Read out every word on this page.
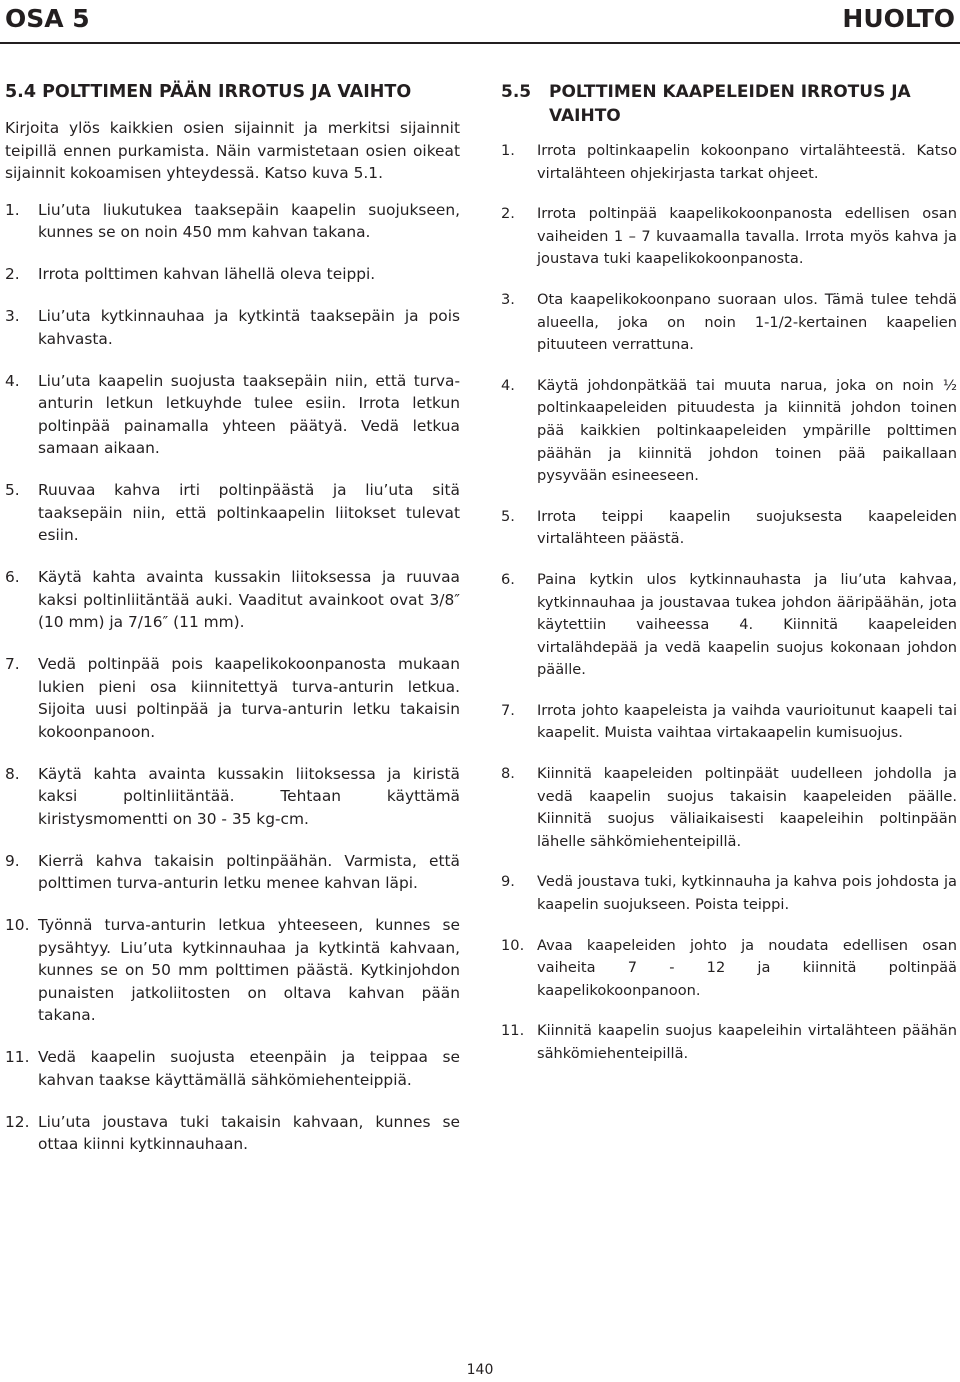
OSA 5	HUOLTO
5.4 POLTTIMEN PÄÄN IRROTUS JA VAIHTO
Kirjoita ylös kaikkien osien sijainnit ja merkitsi sijainnit teipillä ennen purkamista. Näin varmistetaan osien oikeat sijainnit kokoamisen yhteydessä. Katso kuva 5.1.
1. Liu’uta liukutukea taaksepäin kaapelin suojukseen, kunnes se on noin 450 mm kahvan takana.
2. Irrota polttimen kahvan lähellä oleva teippi.
3. Liu’uta kytkinnauhaa ja kytkintä taaksepäin ja pois kahvasta.
4. Liu’uta kaapelin suojusta taaksepäin niin, että turva-anturin letkun letkuyhde tulee esiin. Irrota letkun poltinpää painamalla yhteen päätyä. Vedä letkua samaan aikaan.
5. Ruuvaa kahva irti poltinpäästä ja liu’uta sitä taaksepäin niin, että poltinkaapelin liitokset tulevat esiin.
6. Käytä kahta avainta kussakin liitoksessa ja ruuvaa kaksi poltinliitäntää auki. Vaaditut avainkoot ovat 3/8″ (10 mm) ja 7/16″ (11 mm).
7. Vedä poltinpää pois kaapelikokoonpanosta mukaan lukien pieni osa kiinnitettyä turva-anturin letkua. Sijoita uusi poltinpää ja turva-anturin letku takaisin kokoonpanoon.
8. Käytä kahta avainta kussakin liitoksessa ja kiristä kaksi poltinliitäntää. Tehtaan käyttämä kiristysmomentti on 30 - 35 kg-cm.
9. Kierrä kahva takaisin poltinpäähän. Varmista, että polttimen turva-anturin letku menee kahvan läpi.
10. Työnnä turva-anturin letkua yhteeseen, kunnes se pysähtyy. Liu’uta kytkinnauhaa ja kytkintä kahvaan, kunnes se on 50 mm polttimen päästä. Kytkinjohdon punaisten jatkoliitosten on oltava kahvan pään takana.
11. Vedä kaapelin suojusta eteenpäin ja teippaa se kahvan taakse käyttämällä sähkömiehenteippiä.
12. Liu’uta joustava tuki takaisin kahvaan, kunnes se ottaa kiinni kytkinnauhaan.
5.5 POLTTIMEN KAAPELEIDEN IRROTUS JA VAIHTO
1. Irrota poltinkaapelin kokoonpano virtalähteestä. Katso virtalähteen ohjekirjasta tarkat ohjeet.
2. Irrota poltinpää kaapelikokoonpanosta edellisen osan vaiheiden 1 – 7 kuvaamalla tavalla. Irrota myös kahva ja joustava tuki kaapelikokoonpanosta.
3. Ota kaapelikokoonpano suoraan ulos. Tämä tulee tehdä alueella, joka on noin 1-1/2-kertainen kaapelien pituuteen verrattuna.
4. Käytä johdonpätkää tai muuta narua, joka on noin ½ poltinkaapeleiden pituudesta ja kiinnitä johdon toinen pää kaikkien poltinkaapeleiden ympärille polttimen päähän ja kiinnitä johdon toinen pää paikallaan pysyvään esineeseen.
5. Irrota teippi kaapelin suojuksesta kaapeleiden virtalähteen päästä.
6. Paina kytkin ulos kytkinnauhasta ja liu’uta kahvaa, kytkinnauhaa ja joustavaa tukea johdon ääripäähän, jota käytettiin vaiheessa 4. Kiinnitä kaapeleiden virtalähdepää ja vedä kaapelin suojus kokonaan johdon päälle.
7. Irrota johto kaapeleista ja vaihda vaurioitunut kaapeli tai kaapelit. Muista vaihtaa virtakaapelin kumisuojus.
8. Kiinnitä kaapeleiden poltinpäät uudelleen johdolla ja vedä kaapelin suojus takaisin kaapeleiden päälle. Kiinnitä suojus väliaikaisesti kaapeleihin poltinpään lähelle sähkömiehenteipillä.
9. Vedä joustava tuki, kytkinnauha ja kahva pois johdosta ja kaapelin suojukseen. Poista teippi.
10. Avaa kaapeleiden johto ja noudata edellisen osan vaiheita 7 - 12 ja kiinnitä poltinpää kaapelikokoonpanoon.
11. Kiinnitä kaapelin suojus kaapeleihin virtalähteen päähän sähkömiehenteipillä.
140
